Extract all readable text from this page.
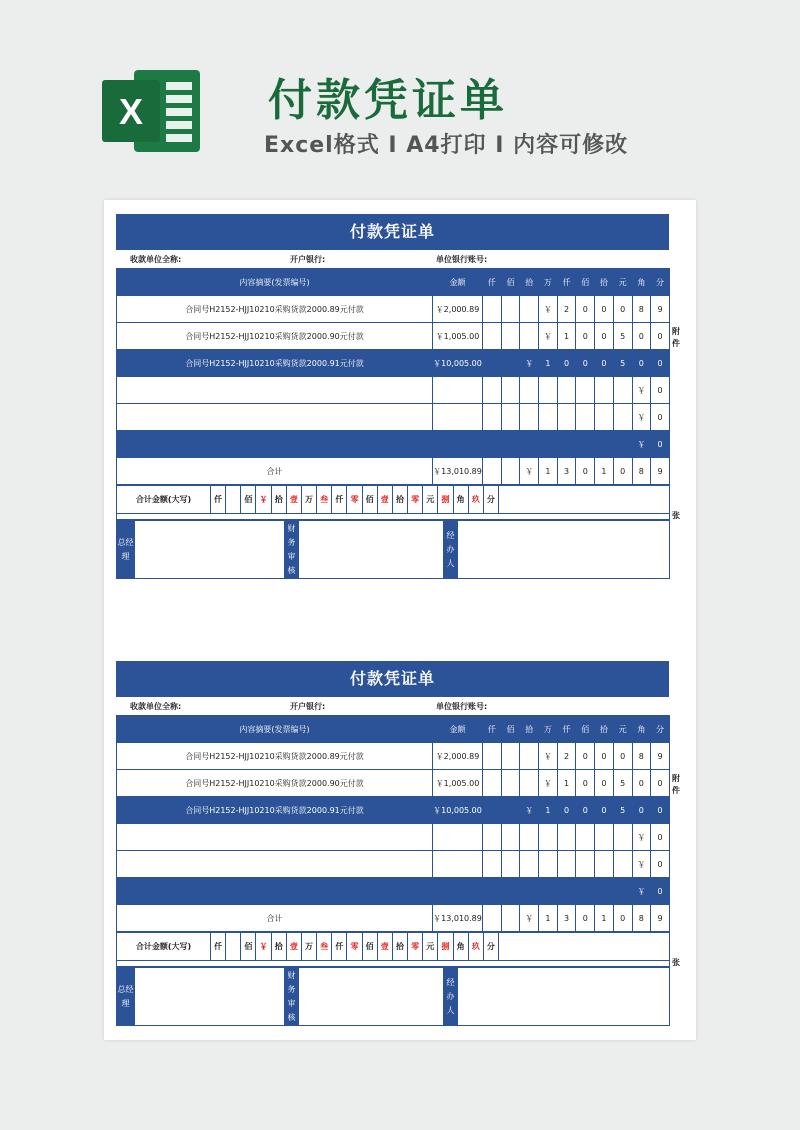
X	付款凭证单
Excel格式 I A4打印 I 内容可修改
付款凭证单
收款单位全称:	开户银行:	单位银行账号:
内容摘要(发票编号)	金额	仟	佰	拾	万	仟	佰	拾	元	角	分
合同号H2152-HJJ10210采购货款2000.89元付款	￥2,000.89				￥	2	0	0	0	8	9
合同号H2152-HJJ10210采购货款2000.90元付款	￥1,005.00				￥	1	0	0	5	0	0
合同号H2152-HJJ10210采购货款2000.91元付款	￥10,005.00			￥	1	0	0	0	5	0	0
										￥	0
										￥	0
										￥	0
合计	￥13,010.89			￥	1	3	0	1	0	8	9
合计金额(大写)	仟		佰	￥	拾	壹	万	叁	仟	零	佰	壹	拾	零	元	捌	角	玖	分	

总经理		财务审核		经办人	
附件
张
付款凭证单
收款单位全称:	开户银行:	单位银行账号:
内容摘要(发票编号)	金额	仟	佰	拾	万	仟	佰	拾	元	角	分
合同号H2152-HJJ10210采购货款2000.89元付款	￥2,000.89				￥	2	0	0	0	8	9
合同号H2152-HJJ10210采购货款2000.90元付款	￥1,005.00				￥	1	0	0	5	0	0
合同号H2152-HJJ10210采购货款2000.91元付款	￥10,005.00			￥	1	0	0	0	5	0	0
										￥	0
										￥	0
										￥	0
合计	￥13,010.89			￥	1	3	0	1	0	8	9
合计金额(大写)	仟		佰	￥	拾	壹	万	叁	仟	零	佰	壹	拾	零	元	捌	角	玖	分	

总经理		财务审核		经办人	
附件
张
